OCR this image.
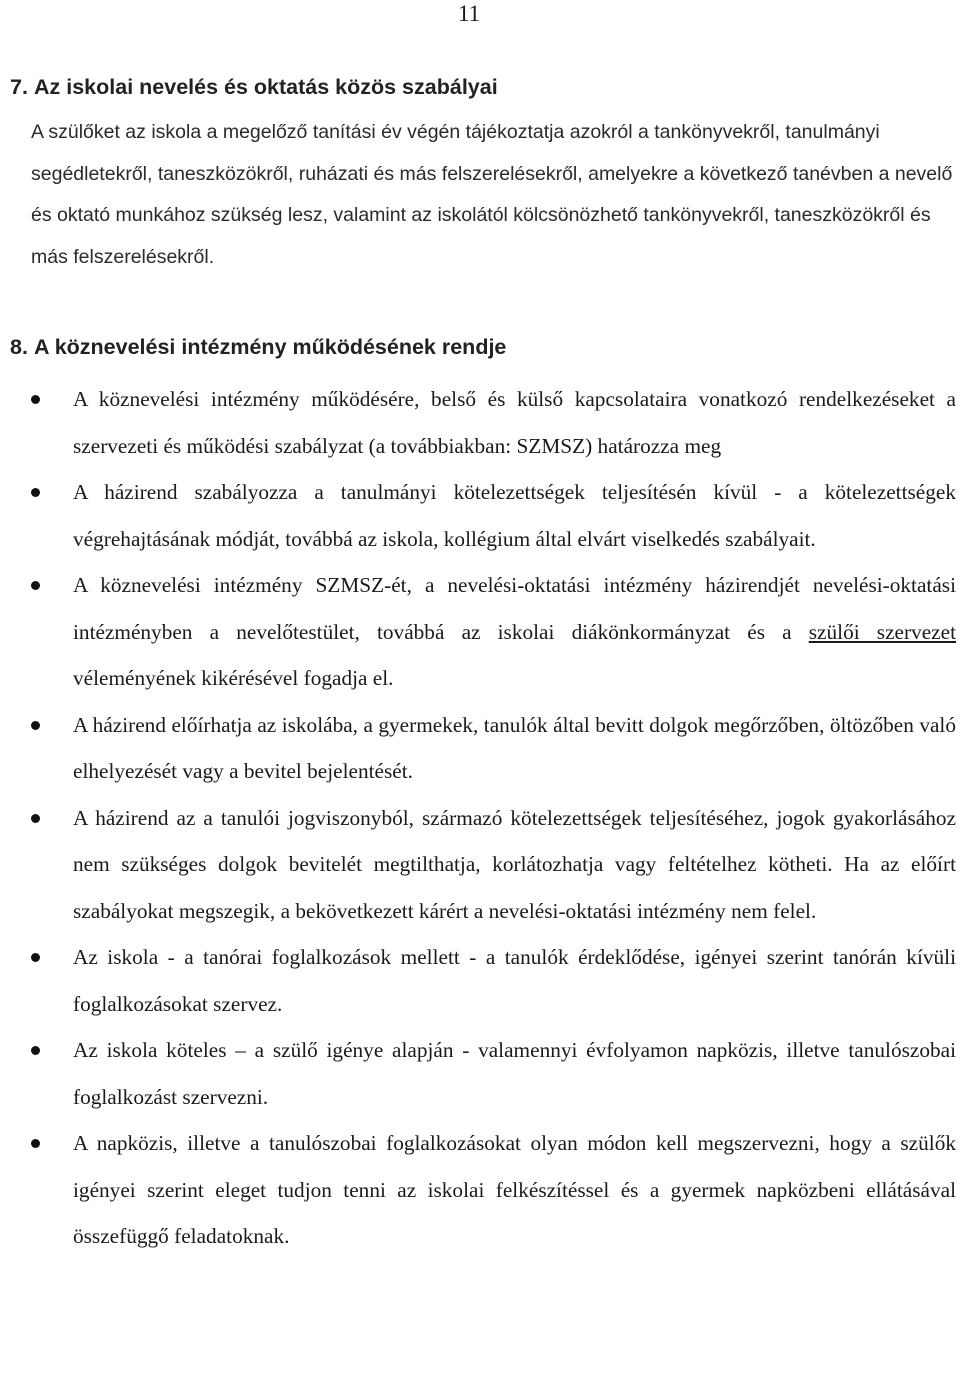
11
7. Az iskolai nevelés és oktatás közös szabályai

A szülőket az iskola a megelőző tanítási év végén tájékoztatja azokról a tankönyvekről, tanulmányi segédletekről, taneszközökről, ruházati és más felszerelésekről, amelyekre a következő tanévben a nevelő és oktató munkához szükség lesz, valamint az iskolától kölcsönözhető tankönyvekről, taneszközökről és más felszerelésekről.

8. A köznevelési intézmény működésének rendje
A köznevelési intézmény működésére, belső és külső kapcsolataira vonatkozó rendelkezéseket a szervezeti és működési szabályzat (a továbbiakban: SZMSZ) határozza meg
A házirend szabályozza a tanulmányi kötelezettségek teljesítésén kívül - a kötelezettségek végrehajtásának módját, továbbá az iskola, kollégium által elvárt viselkedés szabályait.
A köznevelési intézmény SZMSZ-ét, a nevelési-oktatási intézmény házirendjét nevelési-oktatási intézményben a nevelőtestület, továbbá az iskolai diákönkormányzat és a szülői szervezet véleményének kikérésével fogadja el.
A házirend előírhatja az iskolába, a gyermekek, tanulók által bevitt dolgok megőrzőben, öltözőben való elhelyezését vagy a bevitel bejelentését.
A házirend az a tanulói jogviszonyból, származó kötelezettségek teljesítéséhez, jogok gyakorlásához nem szükséges dolgok bevitelét megtilthatja, korlátozhatja vagy feltételhez kötheti. Ha az előírt szabályokat megszegik, a bekövetkezett kárért a nevelési-oktatási intézmény nem felel.
Az iskola - a tanórai foglalkozások mellett - a tanulók érdeklődése, igényei szerint tanórán kívüli foglalkozásokat szervez.
Az iskola köteles – a szülő igénye alapján - valamennyi évfolyamon napközis, illetve tanulószobai foglalkozást szervezni.
A napközis, illetve a tanulószobai foglalkozásokat olyan módon kell megszervezni, hogy a szülők igényei szerint eleget tudjon tenni az iskolai felkészítéssel és a gyermek napközbeni ellátásával összefüggő feladatoknak.
